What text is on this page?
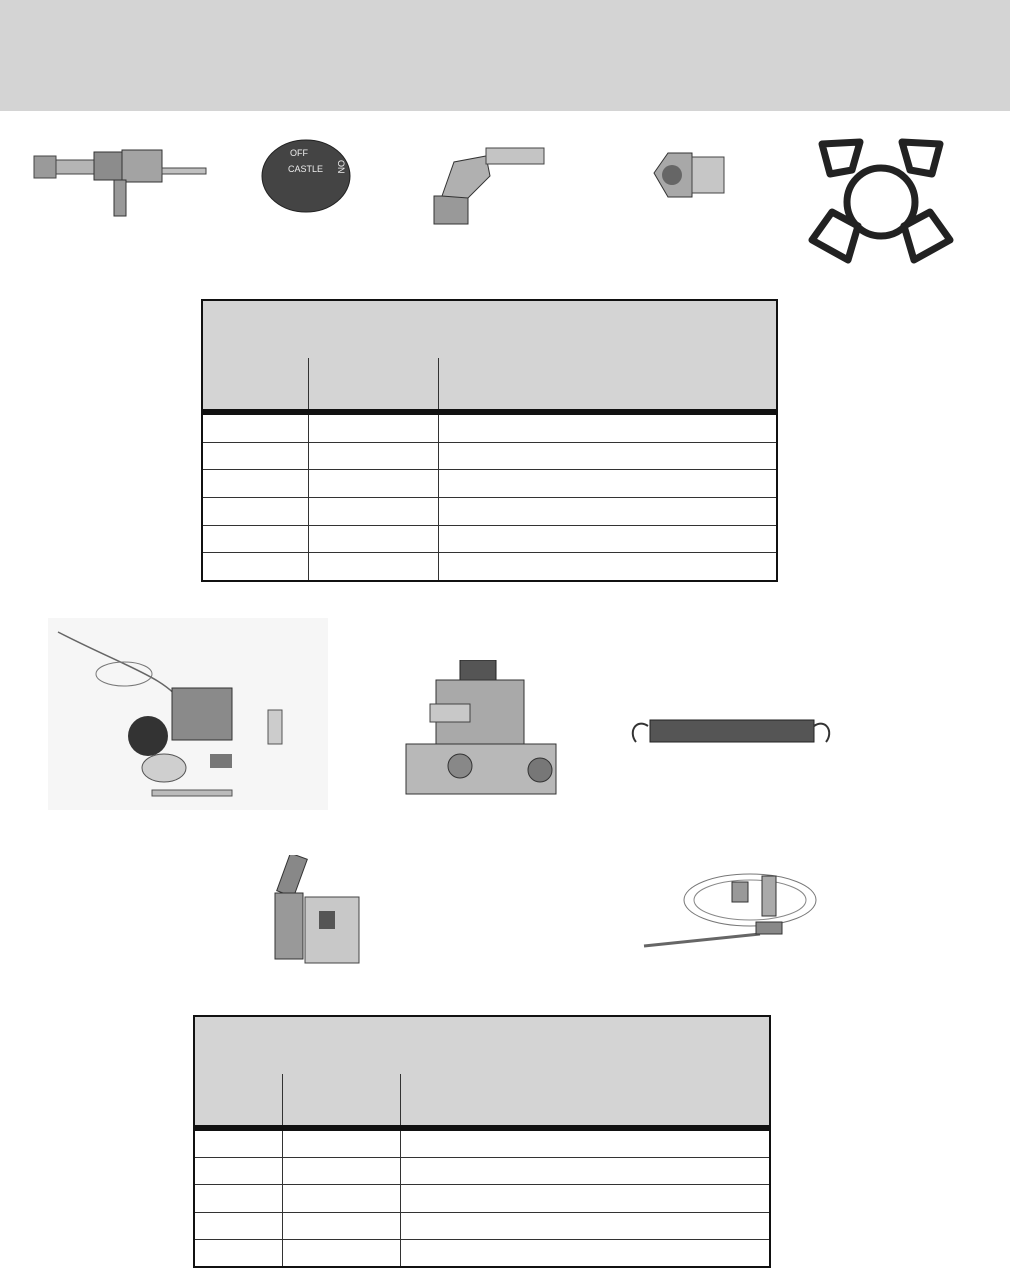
OFF
CASTLE ON
